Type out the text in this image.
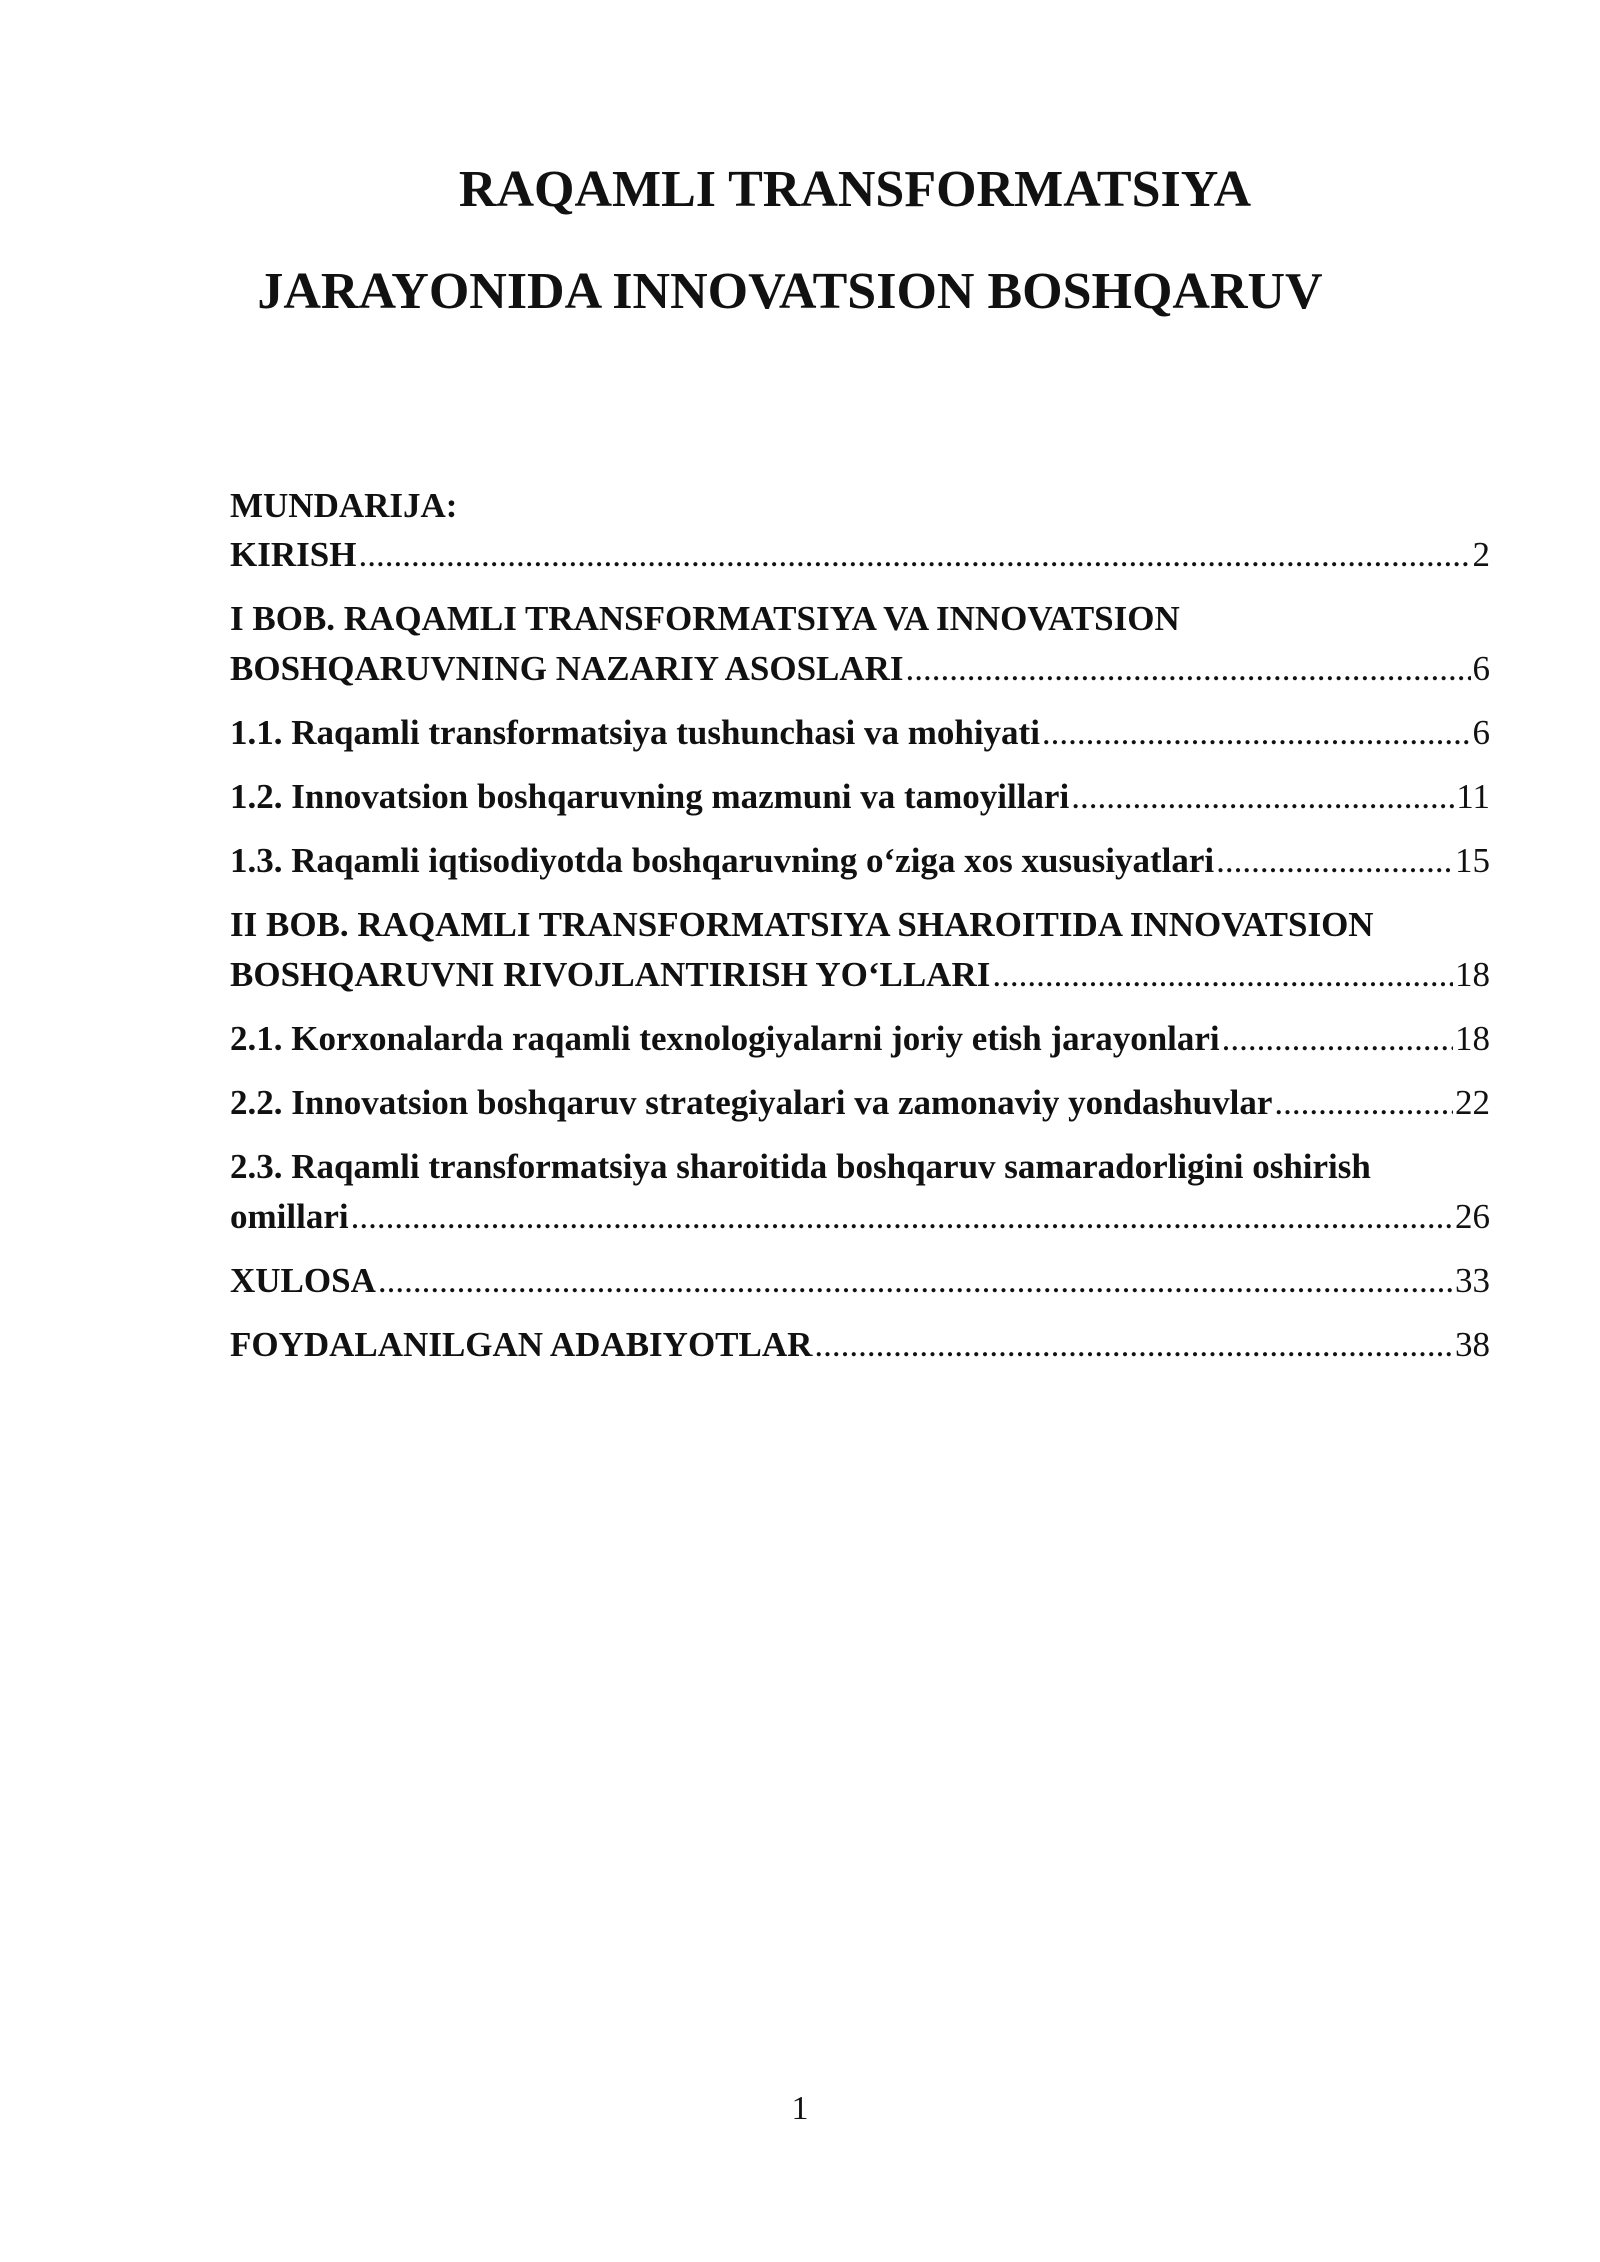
RAQAMLI TRANSFORMATSIYA
JARAYONIDA INNOVATSION BOSHQARUV
MUNDARIJA:
KIRISH .....	2
I BOB. RAQAMLI TRANSFORMATSIYA VA INNOVATSION
BOSHQARUVNING NAZARIY ASOSLARI .....	6
1.1. Raqamli transformatsiya tushunchasi va mohiyati .....	6
1.2. Innovatsion boshqaruvning mazmuni va tamoyillari .....	11
1.3. Raqamli iqtisodiyotda boshqaruvning o‘ziga xos xususiyatlari .....	15
II BOB. RAQAMLI TRANSFORMATSIYA SHAROITIDA INNOVATSION
BOSHQARUVNI RIVOJLANTIRISH YO‘LLARI .....	18
2.1. Korxonalarda raqamli texnologiyalarni joriy etish jarayonlari .....	18
2.2. Innovatsion boshqaruv strategiyalari va zamonaviy yondashuvlar .....	22
2.3. Raqamli transformatsiya sharoitida boshqaruv samaradorligini oshirish
omillari .....	26
XULOSA .....	33
FOYDALANILGAN ADABIYOTLAR .....	38
1
